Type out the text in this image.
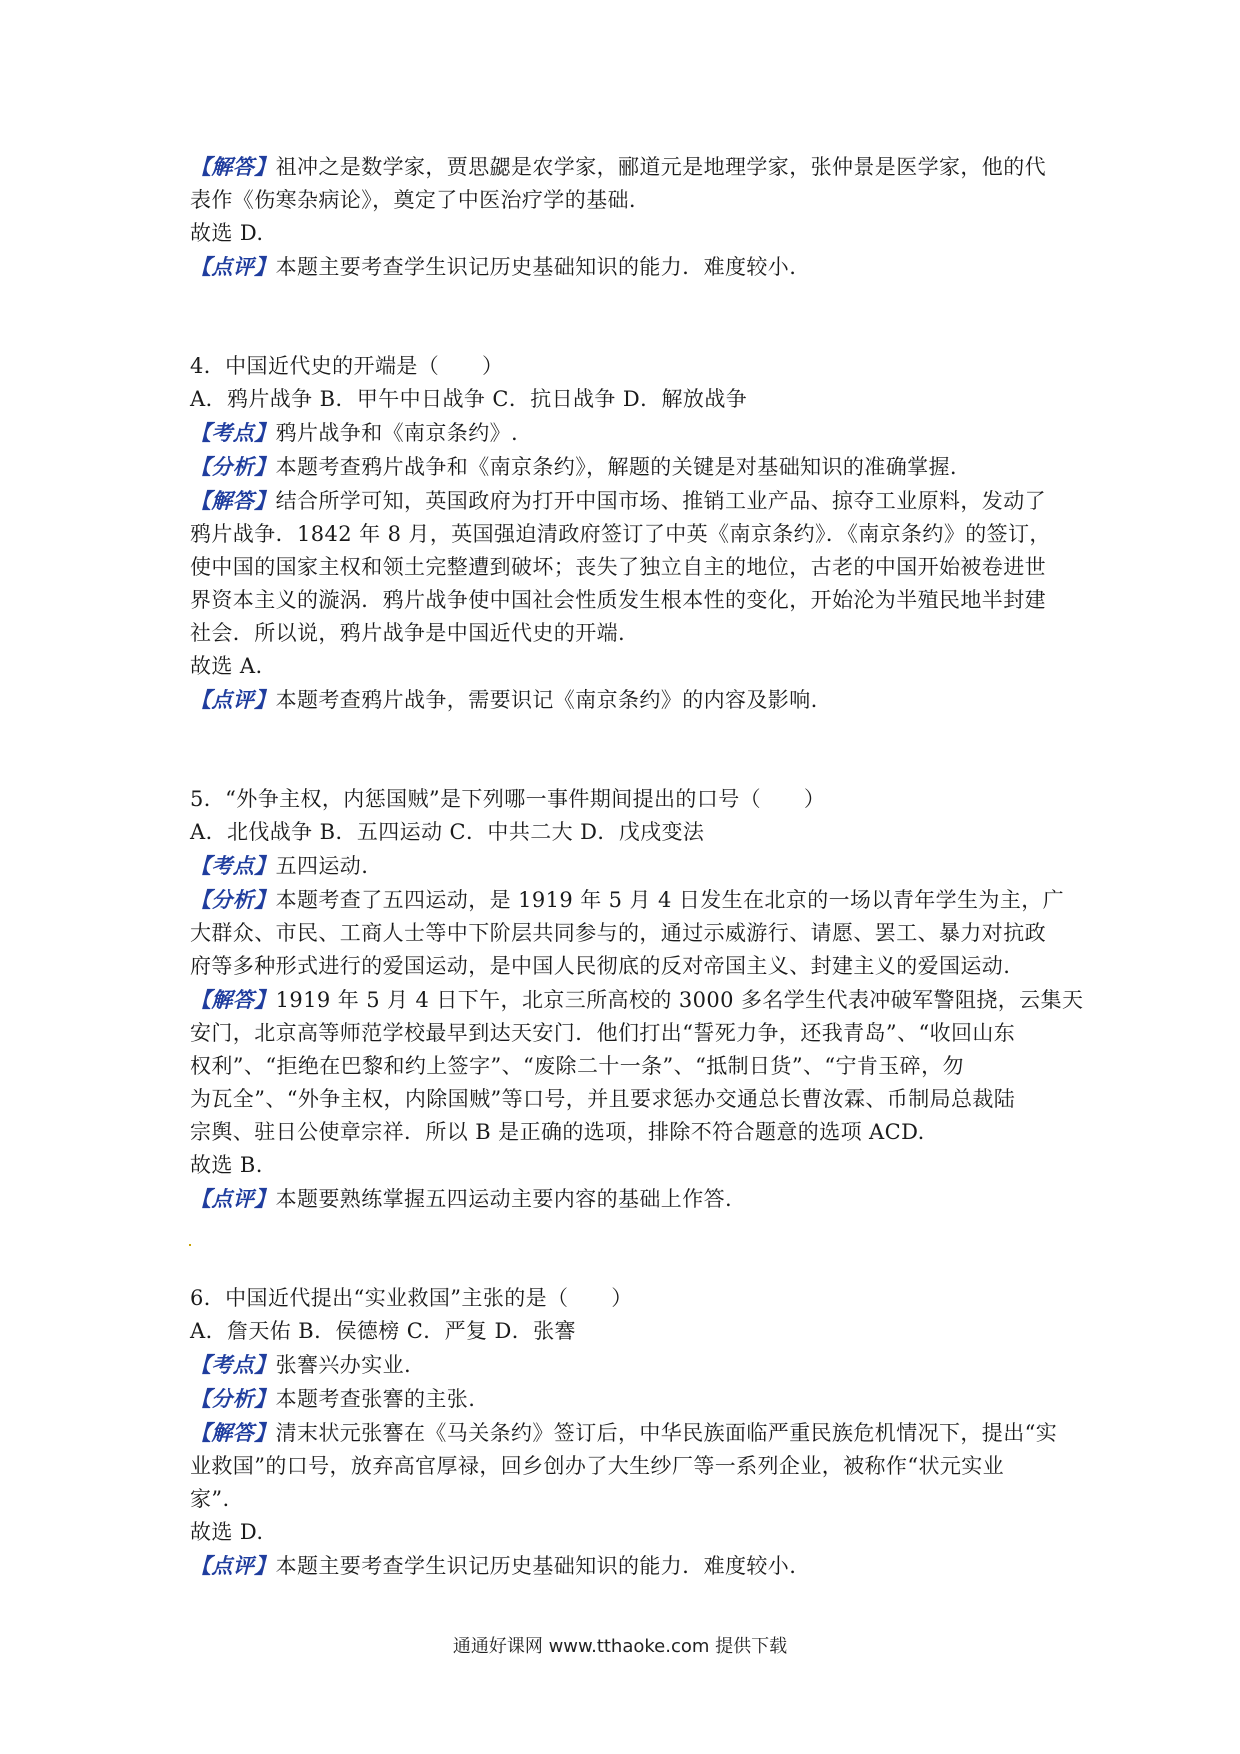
【解答】祖冲之是数学家，贾思勰是农学家，郦道元是地理学家，张仲景是医学家，他的代
表作《伤寒杂病论》，奠定了中医治疗学的基础.
故选 D.
【点评】本题主要考查学生识记历史基础知识的能力．难度较小.
4．中国近代史的开端是（　　）
A．鸦片战争 B．甲午中日战争 C．抗日战争 D．解放战争
【考点】鸦片战争和《南京条约》.
【分析】本题考查鸦片战争和《南京条约》，解题的关键是对基础知识的准确掌握.
【解答】结合所学可知，英国政府为打开中国市场、推销工业产品、掠夺工业原料，发动了
鸦片战争．1842 年 8 月，英国强迫清政府签订了中英《南京条约》．《南京条约》的签订，
使中国的国家主权和领土完整遭到破坏；丧失了独立自主的地位，古老的中国开始被卷进世
界资本主义的漩涡．鸦片战争使中国社会性质发生根本性的变化，开始沦为半殖民地半封建
社会．所以说，鸦片战争是中国近代史的开端.
故选 A.
【点评】本题考查鸦片战争，需要识记《南京条约》的内容及影响.
5．“外争主权，内惩国贼”是下列哪一事件期间提出的口号（　　）
A．北伐战争 B．五四运动 C．中共二大 D．戊戌变法
【考点】五四运动.
【分析】本题考查了五四运动，是 1919 年 5 月 4 日发生在北京的一场以青年学生为主，广
大群众、市民、工商人士等中下阶层共同参与的，通过示威游行、请愿、罢工、暴力对抗政
府等多种形式进行的爱国运动，是中国人民彻底的反对帝国主义、封建主义的爱国运动.
【解答】1919 年 5 月 4 日下午，北京三所高校的 3000 多名学生代表冲破军警阻挠，云集天
安门，北京高等师范学校最早到达天安门．他们打出“誓死力争，还我青岛”、“收回山东
权利”、“拒绝在巴黎和约上签字”、“废除二十一条”、“抵制日货”、“宁肯玉碎，勿
为瓦全”、“外争主权，内除国贼”等口号，并且要求惩办交通总长曹汝霖、币制局总裁陆
宗舆、驻日公使章宗祥．所以 B 是正确的选项，排除不符合题意的选项 ACD.
故选 B.
【点评】本题要熟练掌握五四运动主要内容的基础上作答.
6．中国近代提出“实业救国”主张的是（　　）
A．詹天佑 B．侯德榜 C．严复 D．张謇
【考点】张謇兴办实业.
【分析】本题考查张謇的主张.
【解答】清末状元张謇在《马关条约》签订后，中华民族面临严重民族危机情况下，提出“实
业救国”的口号，放弃高官厚禄，回乡创办了大生纱厂等一系列企业，被称作“状元实业
家”.
故选 D.
【点评】本题主要考查学生识记历史基础知识的能力．难度较小.
通通好课网 www.tthaoke.com 提供下载
